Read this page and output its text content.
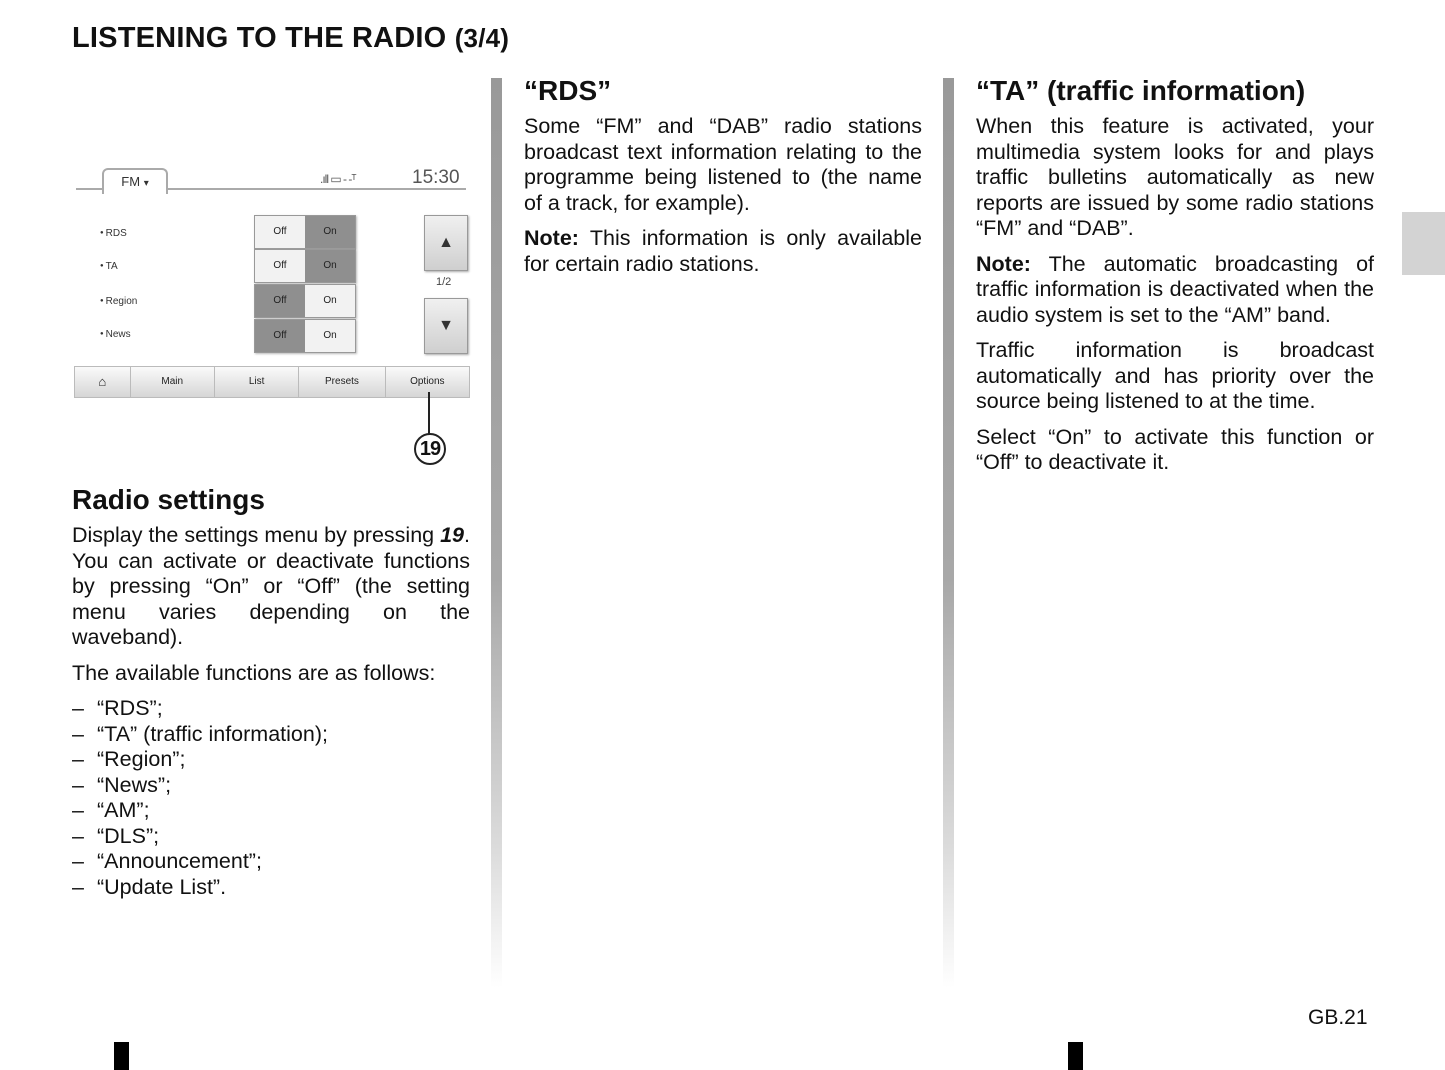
LISTENING TO THE RADIO (3/4)
FM ▾	.ıll ▭ - -ᵀ	15:30
● RDS	Off	On
● TA	Off	On
● Region	Off	On
● News	Off	On
▲
1/2
▼
⌂	Main	List	Presets	Options
19
Radio settings

Display the settings menu by pressing 19. You can activate or deactivate functions by pressing “On” or “Off” (the setting menu varies depending on the waveband).

The available functions are as follows:

– “RDS”;
– “TA” (traffic information);
– “Region”;
– “News”;
– “AM”;
– “DLS”;
– “Announcement”;
– “Update List”.
“RDS”

Some “FM” and “DAB” radio stations broadcast text information relating to the programme being listened to (the name of a track, for example).

Note: This information is only available for certain radio stations.

“TA” (traffic information)

When this feature is activated, your multimedia system looks for and plays traffic bulletins automatically as new reports are issued by some radio stations “FM” and “DAB”.

Note: The automatic broadcasting of traffic information is deactivated when the audio system is set to the “AM” band.

Traffic information is broadcast automatically and has priority over the source being listened to at the time.

Select “On” to activate this function or “Off” to deactivate it.

GB.21
